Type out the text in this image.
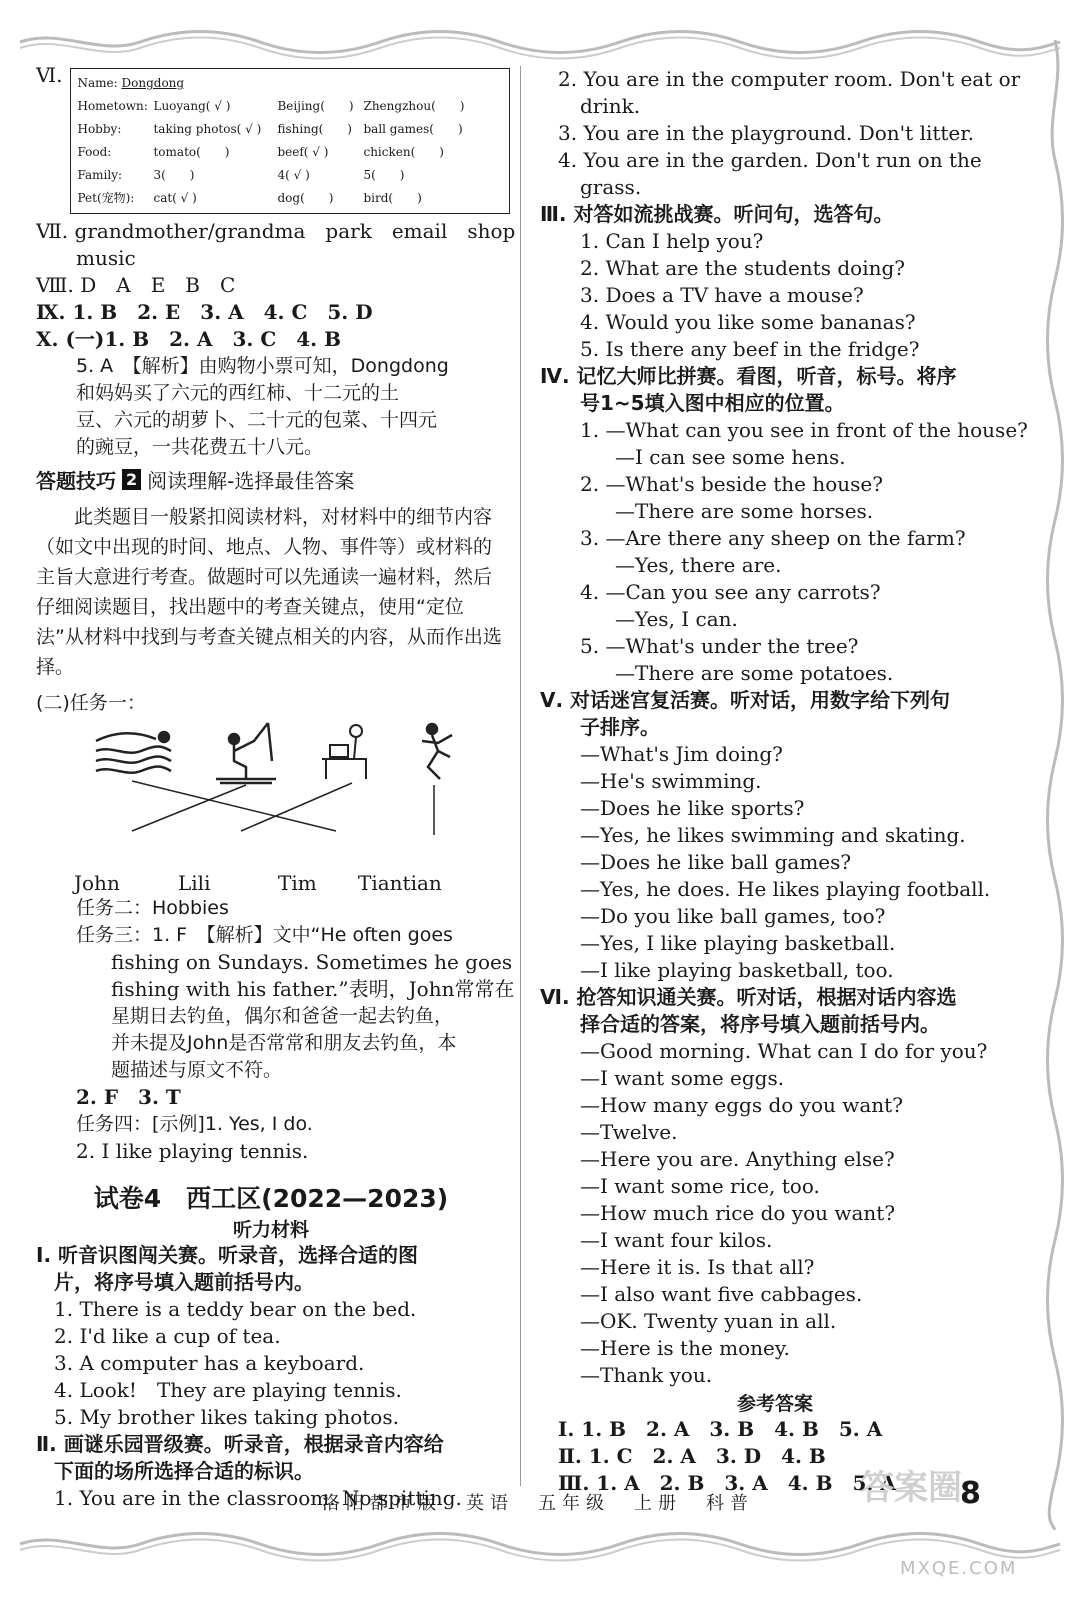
Ⅵ. Name:
Dongdong
Hometown: Luoyang( √ )	Beijing(　　) Zhengzhou(　　)
Hobby:	taking photos( √ )	fishing(　　) ball games(　　)
Food:	tomato(　　)	beef( √ )	chicken(　　)
Family:	3(　　)	4( √ )	5(　　)
Pet(宠物):	cat( √ )	dog(　　)	bird(　　)
Ⅶ. grandmother/grandma　park　email　shop
music
Ⅷ. D　A　E　B　C
Ⅸ. 1. B　2. E　3. A　4. C　5. D
Ⅹ. (一)1. B　2. A　3. C　4. B
5. A　【解析】由购物小票可知，Dongdong
和妈妈买了六元的西红柿、十二元的土
豆、六元的胡萝卜、二十元的包菜、十四元
的豌豆，一共花费五十八元。
答题技巧 2 阅读理解-选择最佳答案
此类题目一般紧扣阅读材料，对材料中的细节内容（如文中出现的时间、地点、人物、事件等）或材料的主旨大意进行考查。做题时可以先通读一遍材料，然后仔细阅读题目，找出题中的考查关键点，使用“定位法”从材料中找到与考查关键点相关的内容，从而作出选择。
(二)任务一：
John	Lili	Tim	Tiantian
任务二：Hobbies
任务三：1. F　【解析】文中“He often goes
fishing on Sundays. Sometimes he goes
fishing with his father.”表明，John常常在
星期日去钓鱼，偶尔和爸爸一起去钓鱼，
并未提及John是否常常和朋友去钓鱼，本
题描述与原文不符。
2. F　3. T
任务四：[示例]1. Yes, I do.
2. I like playing tennis.
试卷4　西工区(2022—2023)
听力材料
Ⅰ. 听音识图闯关赛。听录音，选择合适的图
片，将序号填入题前括号内。
1. There is a teddy bear on the bed.
2. I'd like a cup of tea.
3. A computer has a keyboard.
4. Look!　They are playing tennis.
5. My brother likes taking photos.
Ⅱ. 画谜乐园晋级赛。听录音，根据录音内容给
下面的场所选择合适的标识。
1. You are in the classroom. No spitting.
2. You are in the computer room. Don't eat or
drink.
3. You are in the playground. Don't litter.
4. You are in the garden. Don't run on the
grass.
Ⅲ. 对答如流挑战赛。听问句，选答句。
1. Can I help you?
2. What are the students doing?
3. Does a TV have a mouse?
4. Would you like some bananas?
5. Is there any beef in the fridge?
Ⅳ. 记忆大师比拼赛。看图，听音，标号。将序
号1~5填入图中相应的位置。
1. —What can you see in front of the house?
—I can see some hens.
2. —What's beside the house?
—There are some horses.
3. —Are there any sheep on the farm?
—Yes, there are.
4. —Can you see any carrots?
—Yes, I can.
5. —What's under the tree?
—There are some potatoes.
Ⅴ. 对话迷宫复活赛。听对话，用数字给下列句
子排序。
—What's Jim doing?
—He's swimming.
—Does he like sports?
—Yes, he likes swimming and skating.
—Does he like ball games?
—Yes, he does. He likes playing football.
—Do you like ball games, too?
—Yes, I like playing basketball.
—I like playing basketball, too.
Ⅵ. 抢答知识通关赛。听对话，根据对话内容选
择合适的答案，将序号填入题前括号内。
—Good morning. What can I do for you?
—I want some eggs.
—How many eggs do you want?
—Twelve.
—Here you are. Anything else?
—I want some rice, too.
—How much rice do you want?
—I want four kilos.
—Here it is. Is that all?
—I also want five cabbages.
—OK. Twenty yuan in all.
—Here is the money.
—Thank you.
参考答案
Ⅰ. 1. B　2. A　3. B　4. B　5. A
Ⅱ. 1. C　2. A　3. D　4. B
Ⅲ. 1. A　2. B　3. A　4. B　5. A
洛阳都市版　英语　五年级　上册　科普	答案圈
8
MXQE.COM
